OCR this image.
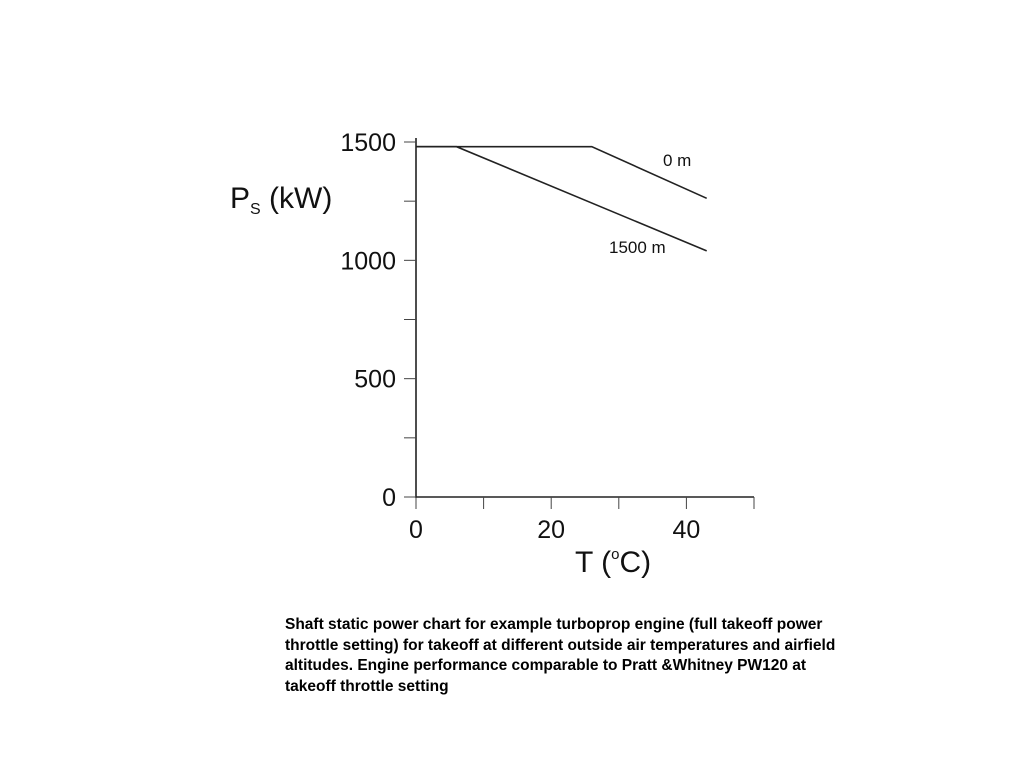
0
500
1000
1500
0	20	40
$P_S$ (kW)
T ($^o$C)
0 m
1500 m
Shaft static power chart for example turboprop engine (full takeoff power throttle setting) for takeoff at different outside air temperatures and airfield altitudes. Engine performance comparable to Pratt &Whitney PW120 at takeoff throttle setting
